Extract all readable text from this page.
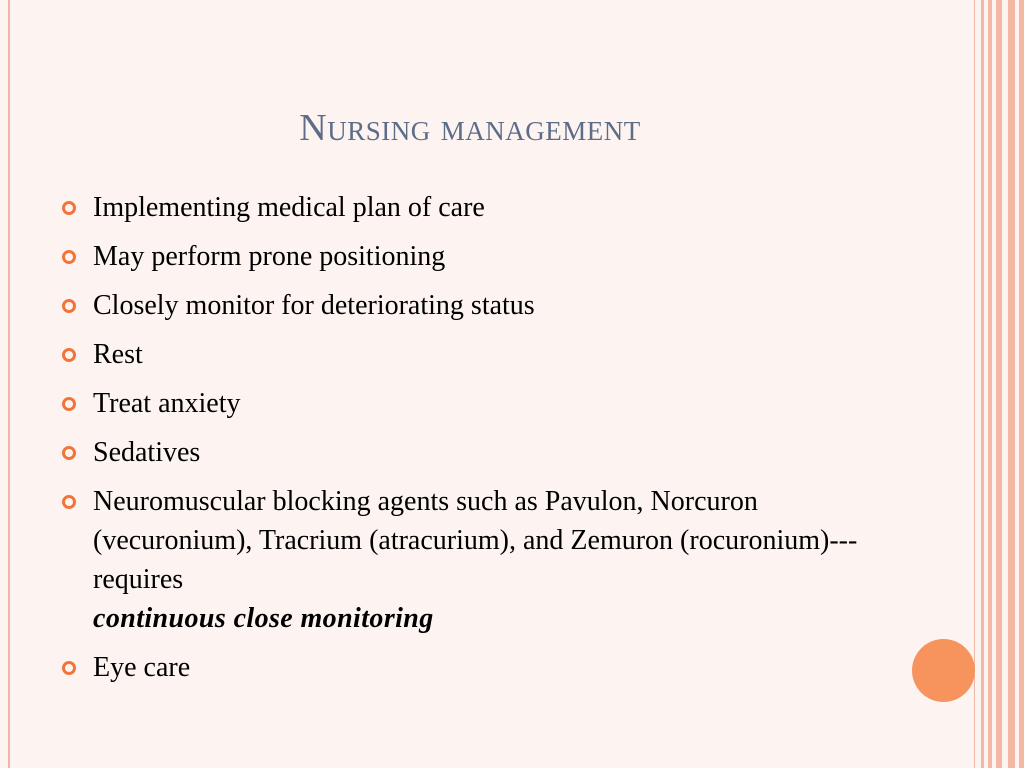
Nursing management
Implementing medical plan of care
May perform prone positioning
Closely monitor for deteriorating status
Rest
Treat anxiety
Sedatives
Neuromuscular blocking agents such as Pavulon, Norcuron (vecuronium), Tracrium (atracurium), and Zemuron (rocuronium)---requires
continuous close monitoring
Eye care
